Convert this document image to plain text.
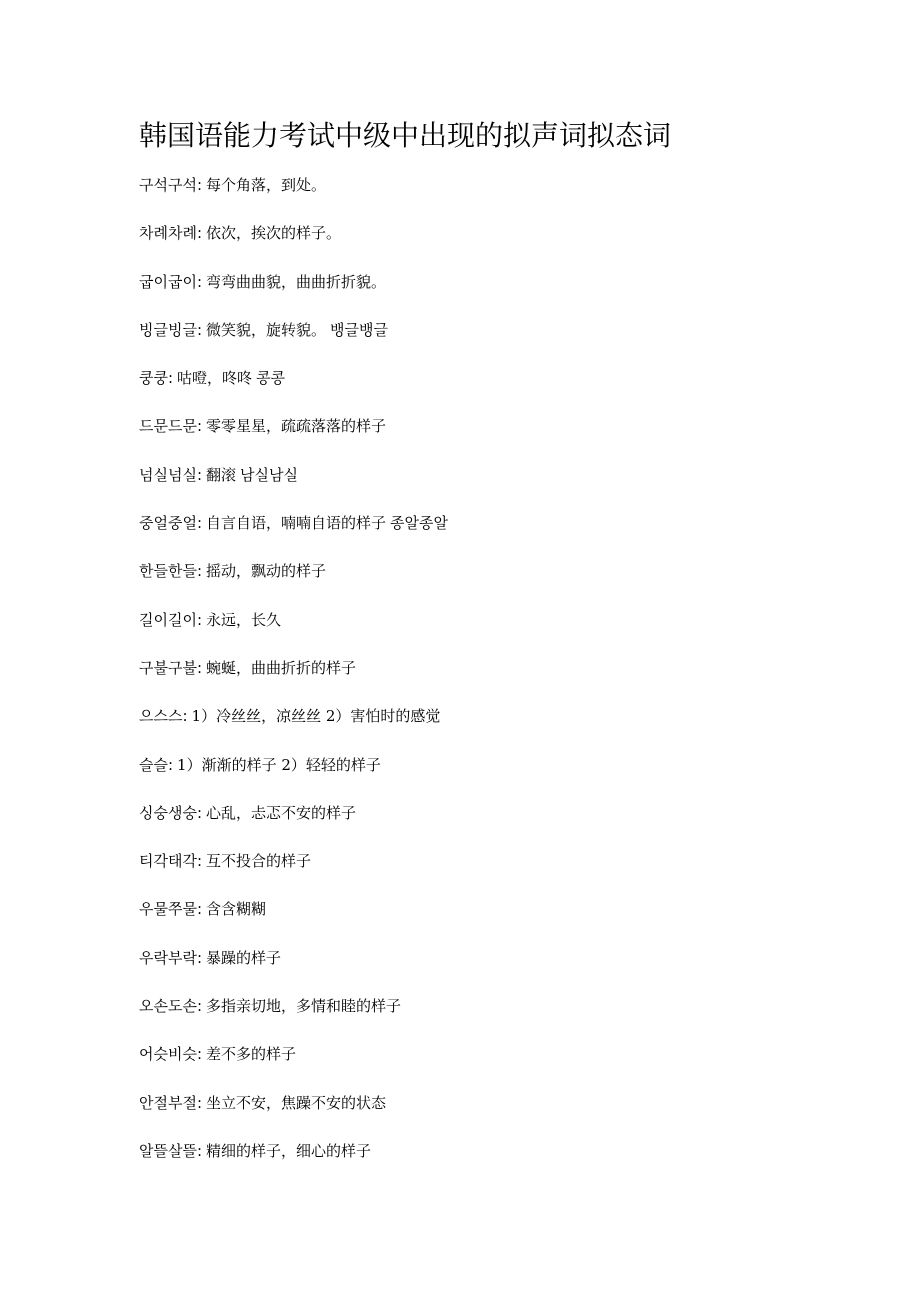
韩国语能力考试中级中出现的拟声词拟态词
구석구석: 每个角落，到处。
차례차례: 依次，挨次的样子。
굽이굽이: 弯弯曲曲貌，曲曲折折貌。
빙글빙글: 微笑貌，旋转貌。 뱅글뱅글
쿵쿵: 咕噔，咚咚 콩콩
드문드문: 零零星星，疏疏落落的样子
넘실넘실: 翻滚 남실남실
중얼중얼: 自言自语，喃喃自语的样子 종알종알
한들한들: 摇动，飘动的样子
길이길이: 永远，长久
구불구불: 蜿蜒，曲曲折折的样子
으스스: 1）冷丝丝，凉丝丝 2）害怕时的感觉
슬슬: 1）渐渐的样子 2）轻轻的样子
싱숭생숭: 心乱，忐忑不安的样子
티각태각: 互不投合的样子
우물쭈물: 含含糊糊
우락부락: 暴躁的样子
오손도손: 多指亲切地，多情和睦的样子
어슷비슷: 差不多的样子
안절부절: 坐立不安，焦躁不安的状态
알뜰살뜰: 精细的样子，细心的样子
